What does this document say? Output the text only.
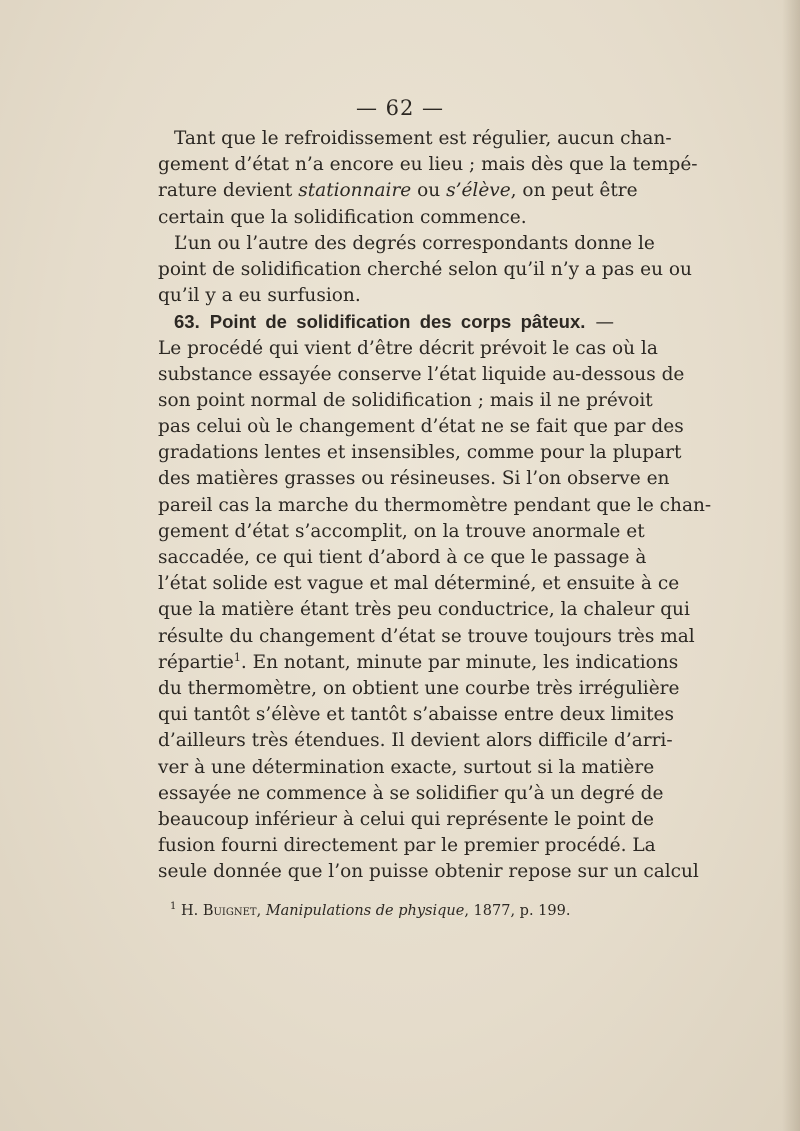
— 62 —
Tant que le refroidissement est régulier, aucun chan-
gement d’état n’a encore eu lieu ; mais dès que la tempé-
rature devient stationnaire ou s’élève, on peut être
certain que la solidification commence.
L’un ou l’autre des degrés correspondants donne le
point de solidification cherché selon qu’il n’y a pas eu ou
qu’il y a eu surfusion.
63. Point de solidification des corps pâteux. —
Le procédé qui vient d’être décrit prévoit le cas où la
substance essayée conserve l’état liquide au-dessous de
son point normal de solidification ; mais il ne prévoit
pas celui où le changement d’état ne se fait que par des
gradations lentes et insensibles, comme pour la plupart
des matières grasses ou résineuses. Si l’on observe en
pareil cas la marche du thermomètre pendant que le chan-
gement d’état s’accomplit, on la trouve anormale et
saccadée, ce qui tient d’abord à ce que le passage à
l’état solide est vague et mal déterminé, et ensuite à ce
que la matière étant très peu conductrice, la chaleur qui
résulte du changement d’état se trouve toujours très mal
répartie$^1$. En notant, minute par minute, les indications
du thermomètre, on obtient une courbe très irrégulière
qui tantôt s’élève et tantôt s’abaisse entre deux limites
d’ailleurs très étendues. Il devient alors difficile d’arri-
ver à une détermination exacte, surtout si la matière
essayée ne commence à se solidifier qu’à un degré de
beaucoup inférieur à celui qui représente le point de
fusion fourni directement par le premier procédé. La
seule donnée que l’on puisse obtenir repose sur un calcul
$^1$ H. Buignet, Manipulations de physique, 1877, p. 199.
